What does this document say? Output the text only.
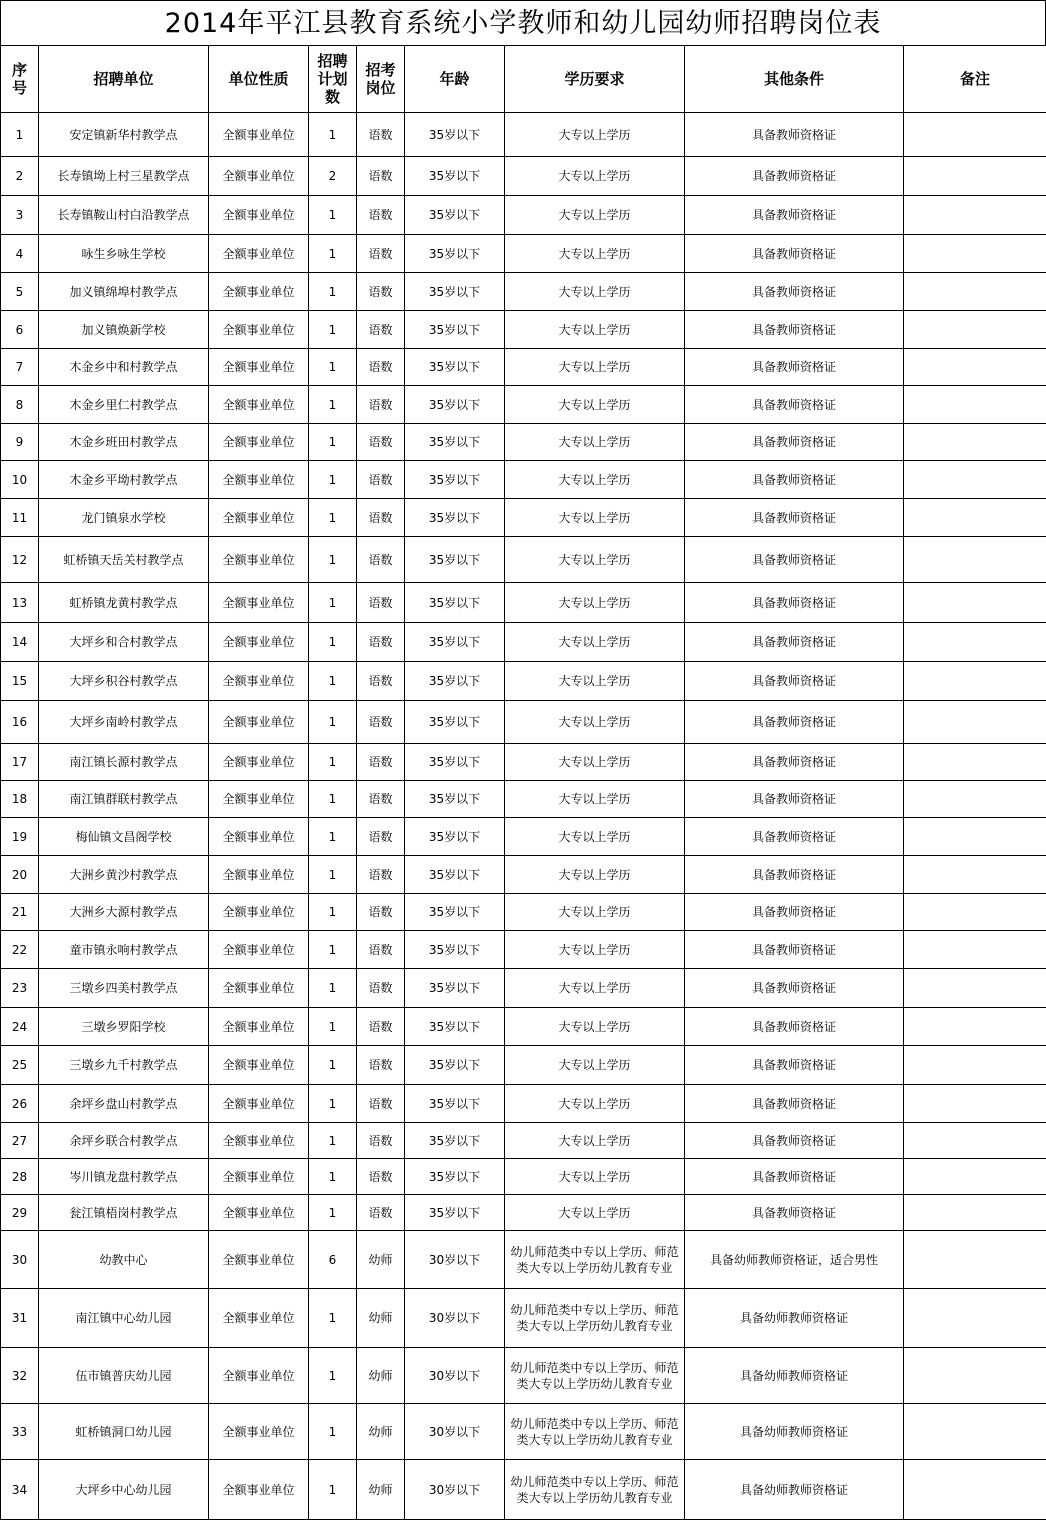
2014年平江县教育系统小学教师和幼儿园幼师招聘岗位表
序号	招聘单位	单位性质	招聘计划数	招考岗位	年龄	学历要求	其他条件	备注
1	安定镇新华村教学点	全额事业单位	1	语数	35岁以下	大专以上学历	具备教师资格证	
2	长寿镇坳上村三星教学点	全额事业单位	2	语数	35岁以下	大专以上学历	具备教师资格证	
3	长寿镇鞍山村白沿教学点	全额事业单位	1	语数	35岁以下	大专以上学历	具备教师资格证	
4	咏生乡咏生学校	全额事业单位	1	语数	35岁以下	大专以上学历	具备教师资格证	
5	加义镇绵埠村教学点	全额事业单位	1	语数	35岁以下	大专以上学历	具备教师资格证	
6	加义镇焕新学校	全额事业单位	1	语数	35岁以下	大专以上学历	具备教师资格证	
7	木金乡中和村教学点	全额事业单位	1	语数	35岁以下	大专以上学历	具备教师资格证	
8	木金乡里仁村教学点	全额事业单位	1	语数	35岁以下	大专以上学历	具备教师资格证	
9	木金乡班田村教学点	全额事业单位	1	语数	35岁以下	大专以上学历	具备教师资格证	
10	木金乡平坳村教学点	全额事业单位	1	语数	35岁以下	大专以上学历	具备教师资格证	
11	龙门镇泉水学校	全额事业单位	1	语数	35岁以下	大专以上学历	具备教师资格证	
12	虹桥镇天岳关村教学点	全额事业单位	1	语数	35岁以下	大专以上学历	具备教师资格证	
13	虹桥镇龙黄村教学点	全额事业单位	1	语数	35岁以下	大专以上学历	具备教师资格证	
14	大坪乡和合村教学点	全额事业单位	1	语数	35岁以下	大专以上学历	具备教师资格证	
15	大坪乡积谷村教学点	全额事业单位	1	语数	35岁以下	大专以上学历	具备教师资格证	
16	大坪乡南岭村教学点	全额事业单位	1	语数	35岁以下	大专以上学历	具备教师资格证	
17	南江镇长源村教学点	全额事业单位	1	语数	35岁以下	大专以上学历	具备教师资格证	
18	南江镇群联村教学点	全额事业单位	1	语数	35岁以下	大专以上学历	具备教师资格证	
19	梅仙镇文昌阁学校	全额事业单位	1	语数	35岁以下	大专以上学历	具备教师资格证	
20	大洲乡黄沙村教学点	全额事业单位	1	语数	35岁以下	大专以上学历	具备教师资格证	
21	大洲乡大源村教学点	全额事业单位	1	语数	35岁以下	大专以上学历	具备教师资格证	
22	童市镇永响村教学点	全额事业单位	1	语数	35岁以下	大专以上学历	具备教师资格证	
23	三墩乡四美村教学点	全额事业单位	1	语数	35岁以下	大专以上学历	具备教师资格证	
24	三墩乡罗阳学校	全额事业单位	1	语数	35岁以下	大专以上学历	具备教师资格证	
25	三墩乡九千村教学点	全额事业单位	1	语数	35岁以下	大专以上学历	具备教师资格证	
26	余坪乡盘山村教学点	全额事业单位	1	语数	35岁以下	大专以上学历	具备教师资格证	
27	余坪乡联合村教学点	全额事业单位	1	语数	35岁以下	大专以上学历	具备教师资格证	
28	岑川镇龙盘村教学点	全额事业单位	1	语数	35岁以下	大专以上学历	具备教师资格证	
29	瓮江镇梧岗村教学点	全额事业单位	1	语数	35岁以下	大专以上学历	具备教师资格证	
30	幼教中心	全额事业单位	6	幼师	30岁以下	幼儿师范类中专以上学历、师范类大专以上学历幼儿教育专业	具备幼师教师资格证，适合男性	
31	南江镇中心幼儿园	全额事业单位	1	幼师	30岁以下	幼儿师范类中专以上学历、师范类大专以上学历幼儿教育专业	具备幼师教师资格证	
32	伍市镇普庆幼儿园	全额事业单位	1	幼师	30岁以下	幼儿师范类中专以上学历、师范类大专以上学历幼儿教育专业	具备幼师教师资格证	
33	虹桥镇洞口幼儿园	全额事业单位	1	幼师	30岁以下	幼儿师范类中专以上学历、师范类大专以上学历幼儿教育专业	具备幼师教师资格证	
34	大坪乡中心幼儿园	全额事业单位	1	幼师	30岁以下	幼儿师范类中专以上学历、师范类大专以上学历幼儿教育专业	具备幼师教师资格证	
